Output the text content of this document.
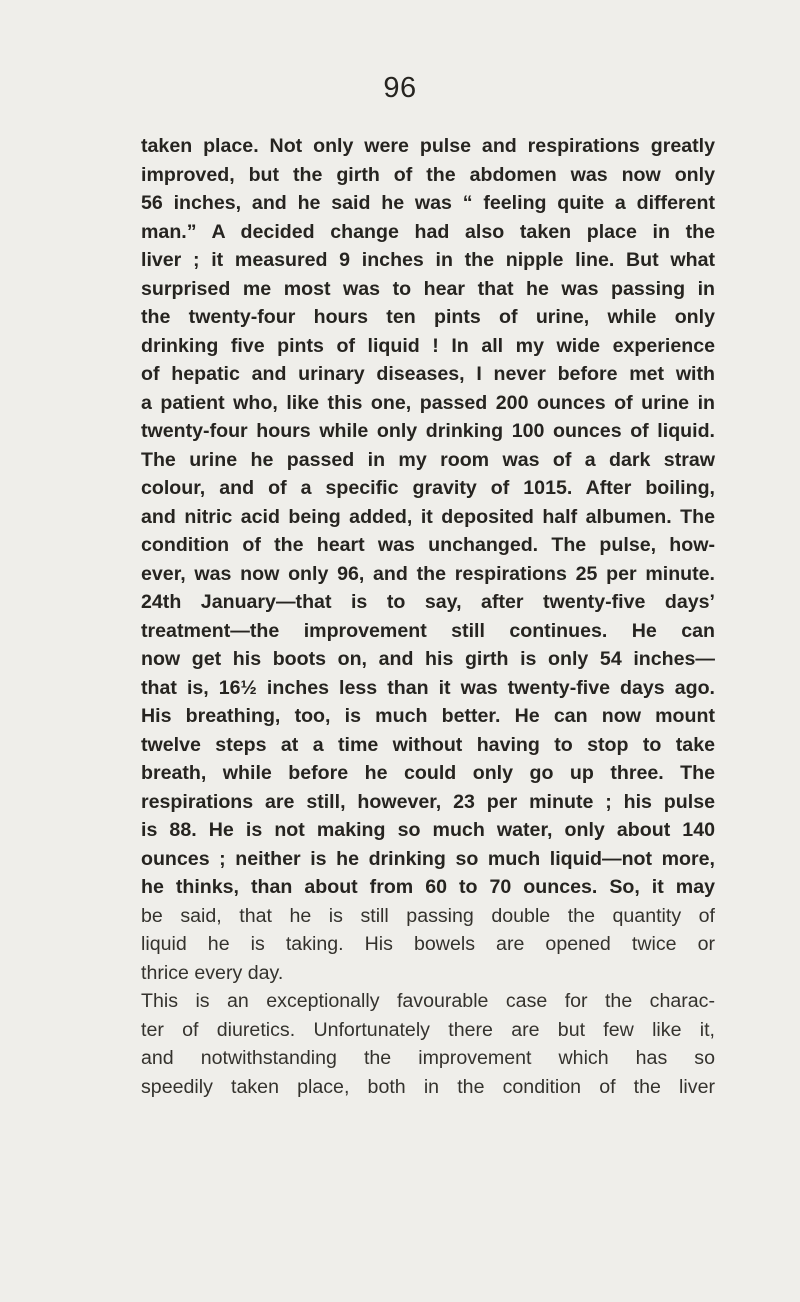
96
taken place. Not only were pulse and respirations greatly
improved, but the girth of the abdomen was now only
56 inches, and he said he was “ feeling quite a different
man.” A decided change had also taken place in the
liver ; it measured 9 inches in the nipple line. But what
surprised me most was to hear that he was passing in
the twenty-four hours ten pints of urine, while only
drinking five pints of liquid ! In all my wide experience
of hepatic and urinary diseases, I never before met with
a patient who, like this one, passed 200 ounces of urine in
twenty-four hours while only drinking 100 ounces of liquid.
The urine he passed in my room was of a dark straw
colour, and of a specific gravity of 1015. After boiling,
and nitric acid being added, it deposited half albumen. The
condition of the heart was unchanged. The pulse, how-
ever, was now only 96, and the respirations 25 per minute.
24th January—that is to say, after twenty-five days’
treatment—the improvement still continues. He can
now get his boots on, and his girth is only 54 inches—
that is, 16½ inches less than it was twenty-five days ago.
His breathing, too, is much better. He can now mount
twelve steps at a time without having to stop to take
breath, while before he could only go up three. The
respirations are still, however, 23 per minute ; his pulse
is 88. He is not making so much water, only about 140
ounces ; neither is he drinking so much liquid—not more,
he thinks, than about from 60 to 70 ounces. So, it may
be said, that he is still passing double the quantity of
liquid he is taking. His bowels are opened twice or
thrice every day.
This is an exceptionally favourable case for the charac-
ter of diuretics. Unfortunately there are but few like it,
and notwithstanding the improvement which has so
speedily taken place, both in the condition of the liver
